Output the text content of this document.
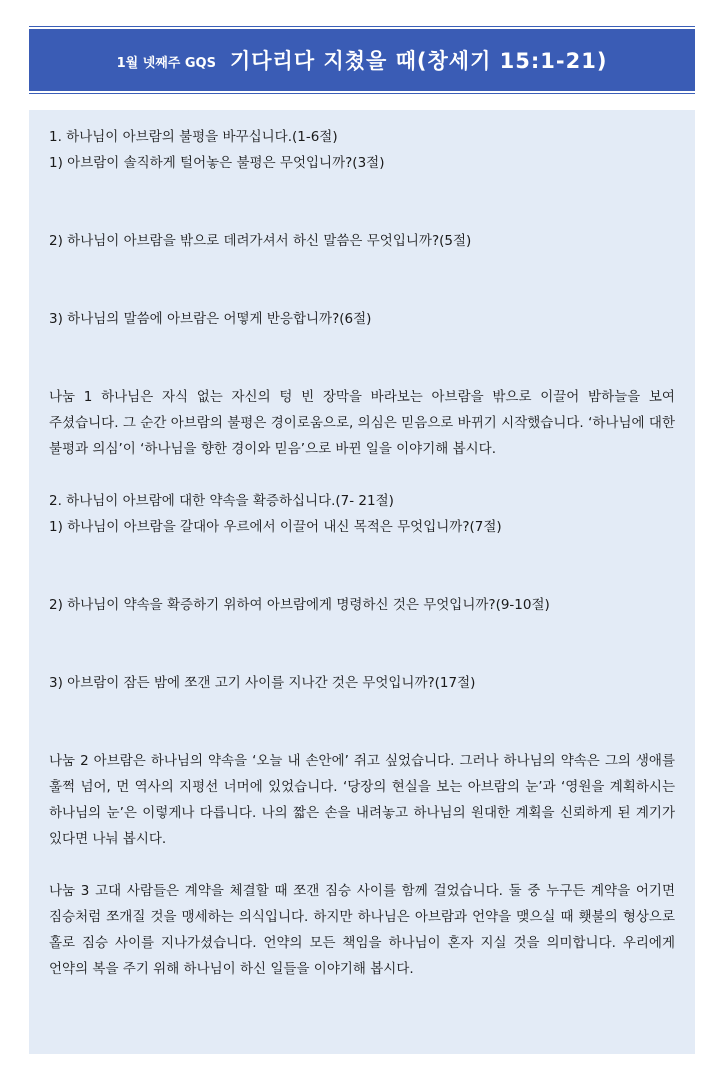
1월 넷째주 GQS 기다리다 지쳤을 때(창세기 15:1-21)
1. 하나님이 아브람의 불평을 바꾸십니다.(1-6절)
1) 아브람이 솔직하게 털어놓은 불평은 무엇입니까?(3절)
2) 하나님이 아브람을 밖으로 데려가셔서 하신 말씀은 무엇입니까?(5절)
3) 하나님의 말씀에 아브람은 어떻게 반응합니까?(6절)
나눔 1 하나님은 자식 없는 자신의 텅 빈 장막을 바라보는 아브람을 밖으로 이끌어 밤하늘을 보여 주셨습니다. 그 순간 아브람의 불평은 경이로움으로, 의심은 믿음으로 바뀌기 시작했습니다. ‘하나님에 대한 불평과 의심’이 ‘하나님을 향한 경이와 믿음’으로 바뀐 일을 이야기해 봅시다.
2. 하나님이 아브람에 대한 약속을 확증하십니다.(7- 21절)
1) 하나님이 아브람을 갈대아 우르에서 이끌어 내신 목적은 무엇입니까?(7절)
2) 하나님이 약속을 확증하기 위하여 아브람에게 명령하신 것은 무엇입니까?(9-10절)
3) 아브람이 잠든 밤에 쪼갠 고기 사이를 지나간 것은 무엇입니까?(17절)
나눔 2 아브람은 하나님의 약속을 ‘오늘 내 손안에’ 쥐고 싶었습니다. 그러나 하나님의 약속은 그의 생애를 훌쩍 넘어, 먼 역사의 지평선 너머에 있었습니다. ‘당장의 현실을 보는 아브람의 눈’과 ‘영원을 계획하시는 하나님의 눈’은 이렇게나 다릅니다. 나의 짧은 손을 내려놓고 하나님의 원대한 계획을 신뢰하게 된 계기가 있다면 나눠 봅시다.
나눔 3 고대 사람들은 계약을 체결할 때 쪼갠 짐승 사이를 함께 걸었습니다. 둘 중 누구든 계약을 어기면 짐승처럼 쪼개질 것을 맹세하는 의식입니다. 하지만 하나님은 아브람과 언약을 맺으실 때 횃불의 형상으로 홀로 짐승 사이를 지나가셨습니다. 언약의 모든 책임을 하나님이 혼자 지실 것을 의미합니다. 우리에게 언약의 복을 주기 위해 하나님이 하신 일들을 이야기해 봅시다.
